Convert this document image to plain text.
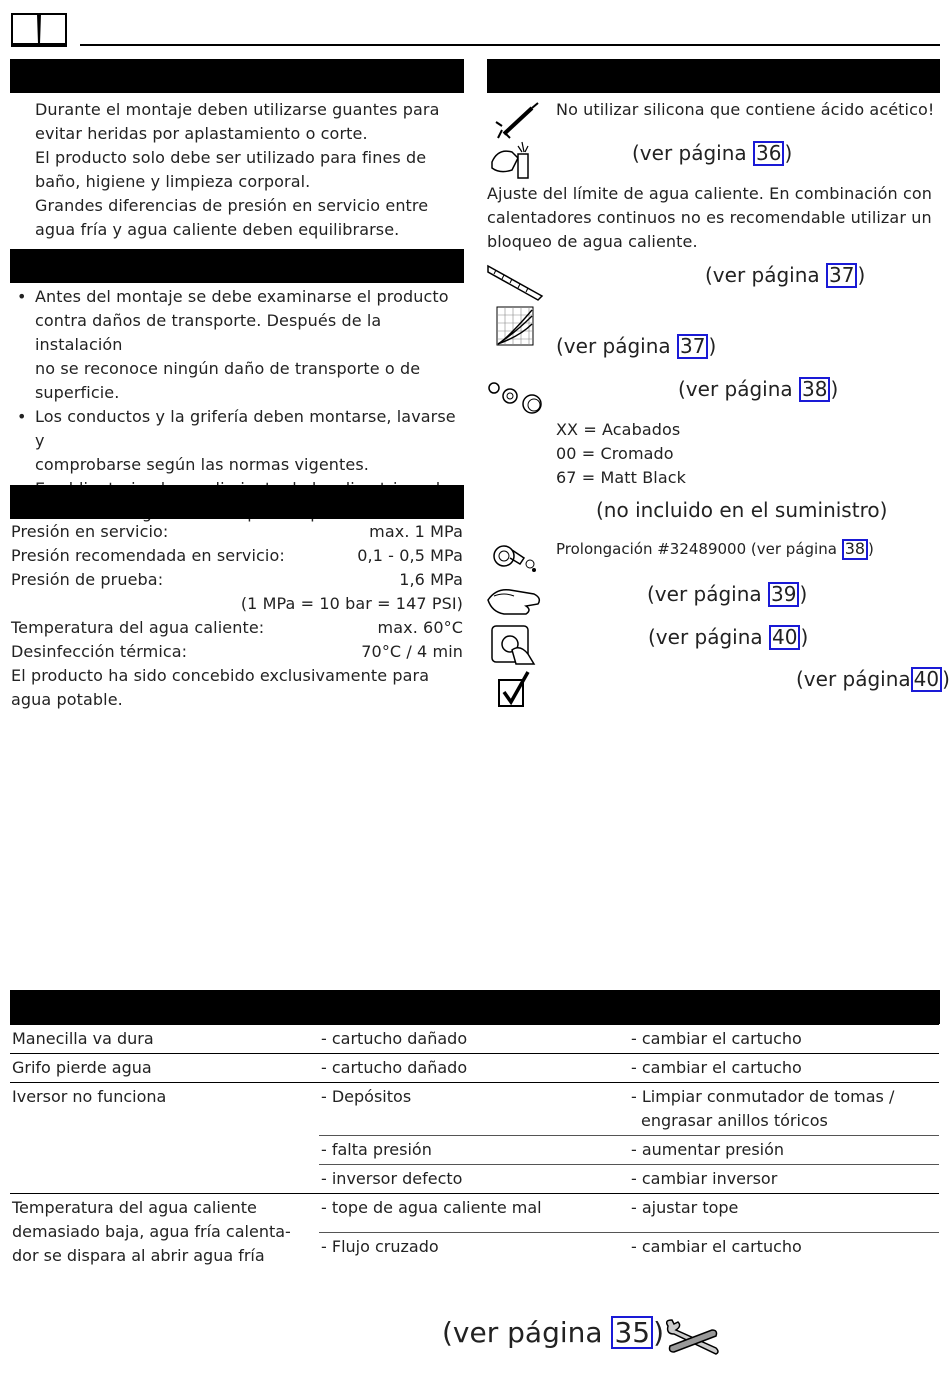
Durante el montaje deben utilizarse guantes para
evitar heridas por aplastamiento o corte.
El producto solo debe ser utilizado para fines de
baño, higiene y limpieza corporal.
Grandes diferencias de presión en servicio entre
agua fría y agua caliente deben equilibrarse.
• Antes del montaje se debe examinarse el producto
contra daños de transporte. Después de la instalación
no se reconoce ningún daño de transporte o de
superficie.
• Los conductos y la grifería deben montarse, lavarse y
comprobarse según las normas vigentes.
•
Presión en servicio:	max. 1 MPa
Presión recomendada en servicio:	0,1 - 0,5 MPa
Presión de prueba:	1,6 MPa
(1 MPa = 10 bar = 147 PSI)
Temperatura del agua caliente:	max. 60°C
Desinfección térmica:	70°C / 4 min
El producto ha sido concebido exclusivamente para
agua potable.
No utilizar silicona que contiene ácido acético!
(ver página 36 )
Ajuste del límite de agua caliente. En combinación con
calentadores continuos no es recomendable utilizar un
bloqueo de agua caliente.
(ver página 37 )
(ver página 37 )
(ver página 38 )
XX = Acabados
00 = Cromado
67 = Matt Black
(no incluido en el suministro)
Prolongación #32489000 (ver página 38 )
(ver página 39 )
(ver página 40 )
(ver página 40 )
Manecilla va dura	- cartucho dañado	- cambiar el cartucho
Grifo pierde agua	- cartucho dañado	- cambiar el cartucho
Iversor no funciona	- Depósitos	- Limpiar conmutador de tomas /
engrasar anillos tóricos

	- falta presión	- aumentar presión
	- inversor defecto	- cambiar inversor

Temperatura del agua caliente
demasiado baja, agua fría calenta-
dor se dispara al abrir agua fría	- tope de agua caliente mal	- ajustar tope
	- Flujo cruzado	- cambiar el cartucho
(ver página 35 )
